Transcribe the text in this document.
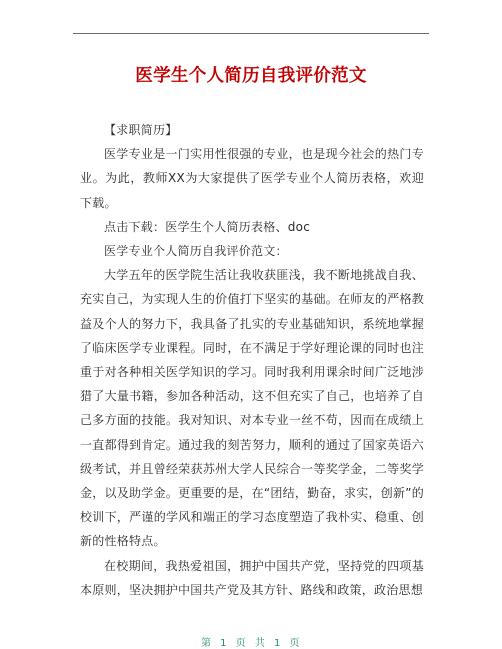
医学生个人简历自我评价范文

【求职简历】

医学专业是一门实用性很强的专业，也是现今社会的热门专业。为此，教师XX为大家提供了医学专业个人简历表格，欢迎下载。

点击下载：医学生个人简历表格、doc

医学专业个人简历自我评价范文：

大学五年的医学院生活让我收获匪浅，我不断地挑战自我、充实自己，为实现人生的价值打下坚实的基础。在师友的严格教益及个人的努力下，我具备了扎实的专业基础知识，系统地掌握了临床医学专业课程。同时，在不满足于学好理论课的同时也注重于对各种相关医学知识的学习。同时我利用课余时间广泛地涉猎了大量书籍，参加各种活动，这不但充实了自己，也培养了自己多方面的技能。我对知识、对本专业一丝不苟，因而在成绩上一直都得到肯定。通过我的刻苦努力，顺利的通过了国家英语六级考试，并且曾经荣获苏州大学人民综合一等奖学金，二等奖学金，以及助学金。更重要的是，在“团结，勤奋，求实，创新”的校训下，严谨的学风和端正的学习态度塑造了我朴实、稳重、创新的性格特点。

在校期间，我热爱祖国，拥护中国共产党，坚持党的四项基本原则，坚决拥护中国共产党及其方针、路线和政策，政治思想

第 1 页 共 1 页
